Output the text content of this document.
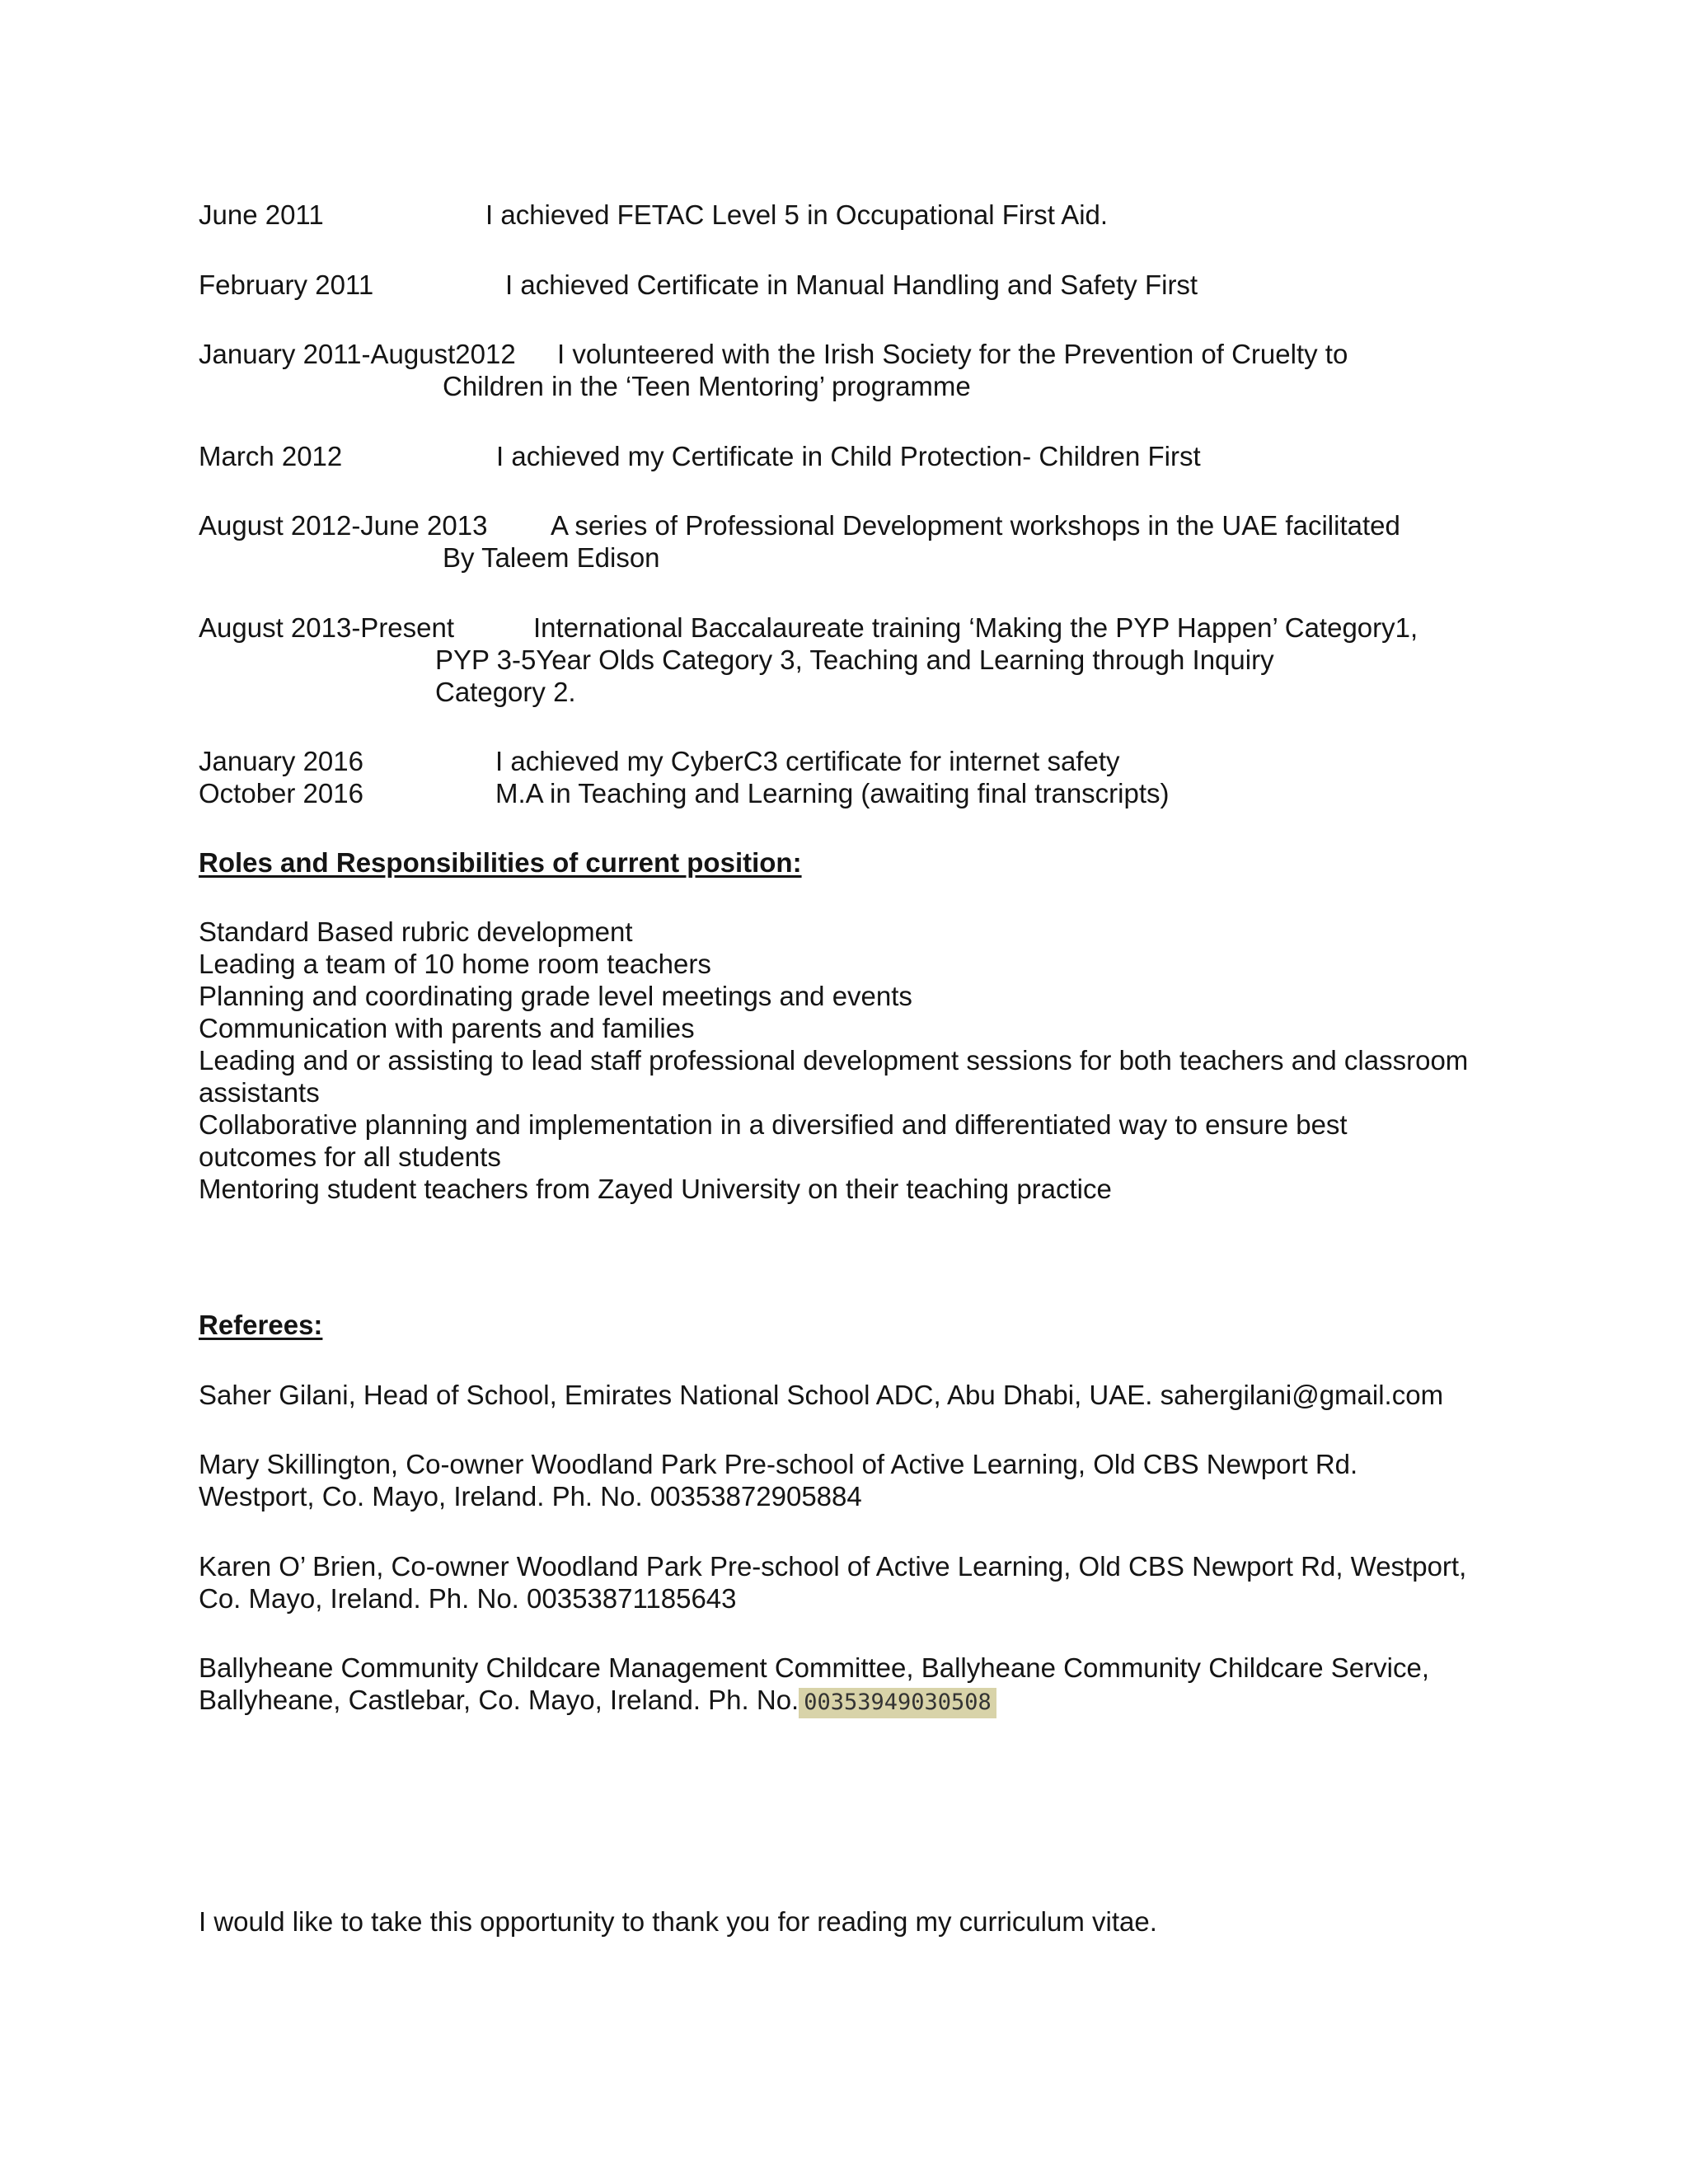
June 2011	I achieved FETAC Level 5 in Occupational First Aid.
February 2011	I achieved Certificate in Manual Handling and Safety First
January 2011-August2012 I volunteered with the Irish Society for the Prevention of Cruelty to
Children in the ‘Teen Mentoring’ programme
March 2012	I achieved my Certificate in Child Protection- Children First
August 2012-June 2013 A series of Professional Development workshops in the UAE facilitated
By Taleem Edison
August 2013-Present	International Baccalaureate training ‘Making the PYP Happen’ Category1,
PYP 3-5Year Olds Category 3, Teaching and Learning through Inquiry
Category 2.
January 2016	I achieved my CyberC3 certificate for internet safety
October 2016	M.A in Teaching and Learning (awaiting final transcripts)
Roles and Responsibilities of current position:
Standard Based rubric development
Leading a team of 10 home room teachers
Planning and coordinating grade level meetings and events
Communication with parents and families
Leading and or assisting to lead staff professional development sessions for both teachers and classroom
assistants
Collaborative planning and implementation in a diversified and differentiated way to ensure best
outcomes for all students
Mentoring student teachers from Zayed University on their teaching practice
Referees:
Saher Gilani, Head of School, Emirates National School ADC, Abu Dhabi, UAE. sahergilani@gmail.com
Mary Skillington, Co-owner Woodland Park Pre-school of Active Learning, Old CBS Newport Rd.
Westport, Co. Mayo, Ireland. Ph. No. 00353872905884
Karen O’ Brien, Co-owner Woodland Park Pre-school of Active Learning, Old CBS Newport Rd, Westport,
Co. Mayo, Ireland. Ph. No. 00353871185643
Ballyheane Community Childcare Management Committee, Ballyheane Community Childcare Service,
Ballyheane, Castlebar, Co. Mayo, Ireland. Ph. No. 00353949030508
I would like to take this opportunity to thank you for reading my curriculum vitae.
